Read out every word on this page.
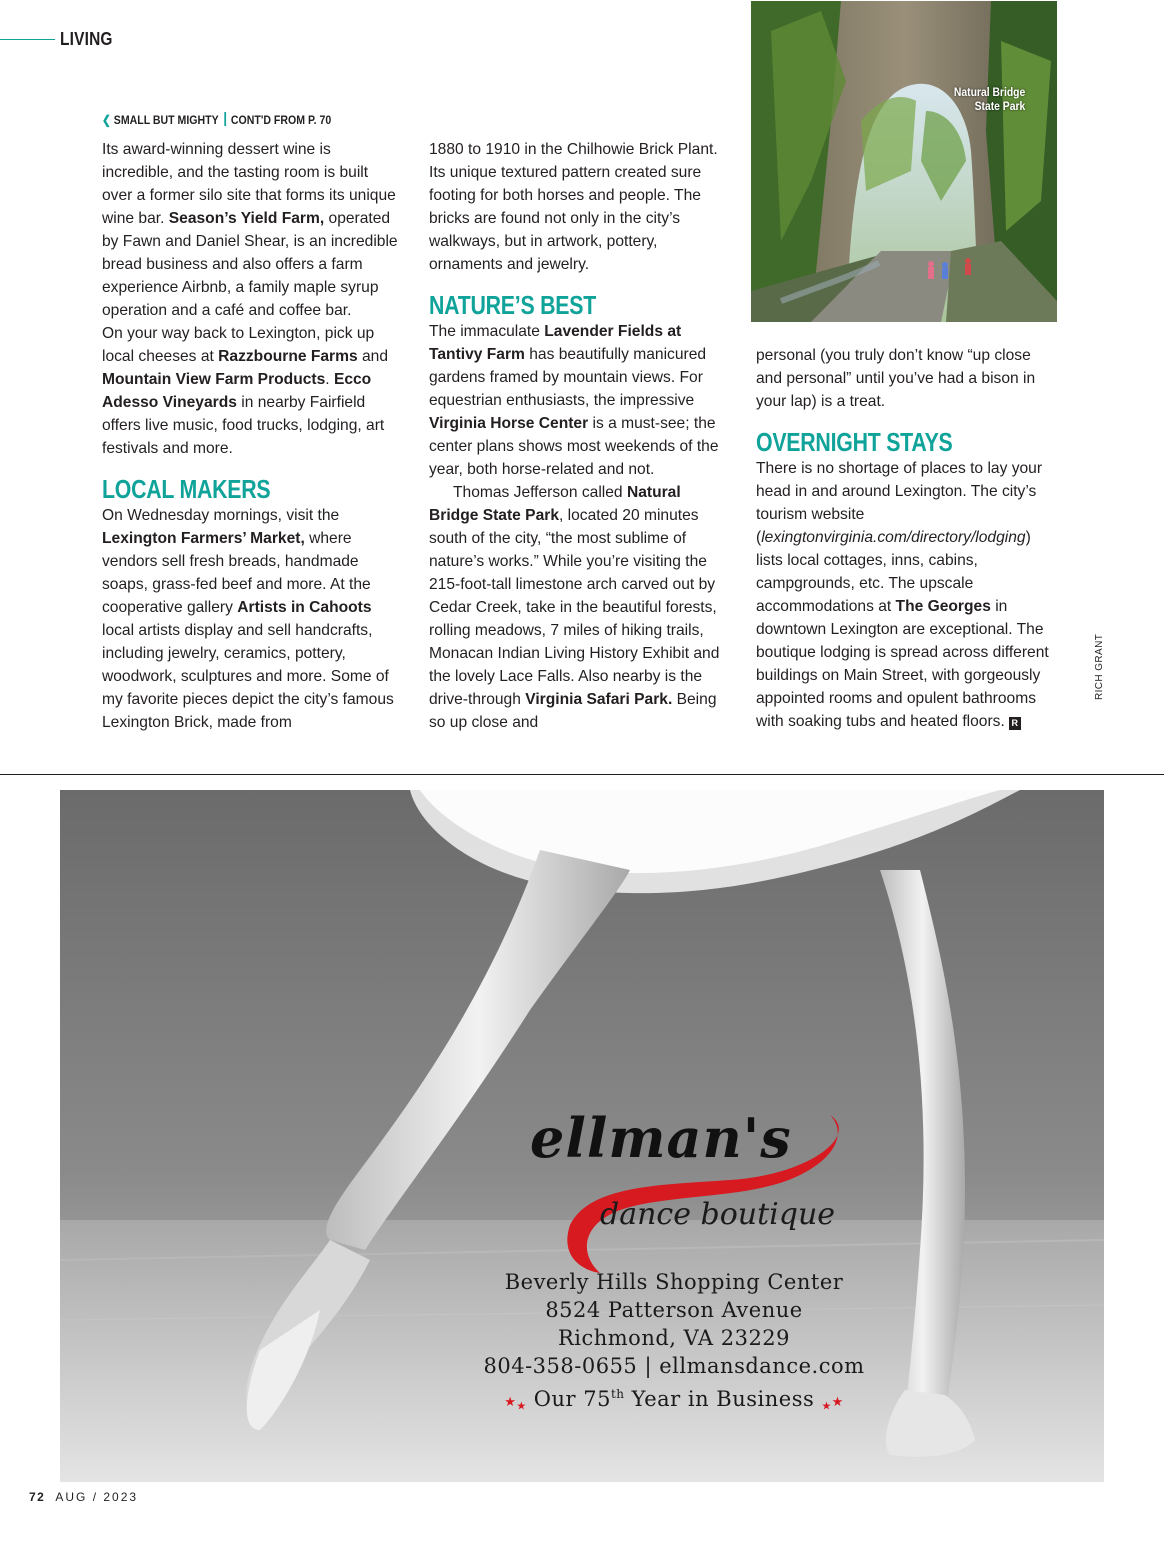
LIVING
❮ SMALL BUT MIGHTY CONT'D FROM P. 70

Its award-winning dessert wine is incredible, and the tasting room is built over a former silo site that forms its unique wine bar. Season’s Yield Farm, operated by Fawn and Daniel Shear, is an incredible bread business and also offers a farm experience Airbnb, a family maple syrup operation and a café and coffee bar.

On your way back to Lexington, pick up local cheeses at Razzbourne Farms and Mountain View Farm Products. Ecco Adesso Vineyards in nearby Fairfield offers live music, food trucks, lodging, art festivals and more.

LOCAL MAKERS

On Wednesday mornings, visit the Lexington Farmers’ Market, where vendors sell fresh breads, handmade soaps, grass-fed beef and more. At the cooperative gallery Artists in Cahoots local artists display and sell handcrafts, including jewelry, ceramics, pottery, woodwork, sculptures and more. Some of my favorite pieces depict the city’s famous Lexington Brick, made from

1880 to 1910 in the Chilhowie Brick Plant. Its unique textured pattern created sure footing for both horses and people. The bricks are found not only in the city’s walkways, but in artwork, pottery, ornaments and jewelry.

NATURE’S BEST

The immaculate Lavender Fields at Tantivy Farm has beautifully manicured gardens framed by mountain views. For equestrian enthusiasts, the impressive Virginia Horse Center is a must-see; the center plans shows most weekends of the year, both horse-related and not.

Thomas Jefferson called Natural Bridge State Park, located 20 minutes south of the city, “the most sublime of nature’s works.” While you’re visiting the 215-foot-tall limestone arch carved out by Cedar Creek, take in the beautiful forests, rolling meadows, 7 miles of hiking trails, Monacan Indian Living History Exhibit and the lovely Lace Falls. Also nearby is the drive-through Virginia Safari Park. Being so up close and

Natural Bridge
State Park

personal (you truly don’t know “up close and personal” until you’ve had a bison in your lap) is a treat.

OVERNIGHT STAYS

There is no shortage of places to lay your head in and around Lexington. The city’s tourism website (lexingtonvirginia.com/directory/lodging) lists local cottages, inns, cabins, campgrounds, etc. The upscale accommodations at The Georges in downtown Lexington are exceptional. The boutique lodging is spread across different buildings on Main Street, with gorgeously appointed rooms and opulent bathrooms with soaking tubs and heated floors. R

RICH GRANT
ellman's
dance boutique
Beverly Hills Shopping Center
8524 Patterson Avenue
Richmond, VA 23229
804-358-0655 | ellmansdance.com
$★_★$ Our 75th Year in Business $_★$★
72 AUG / 2023
